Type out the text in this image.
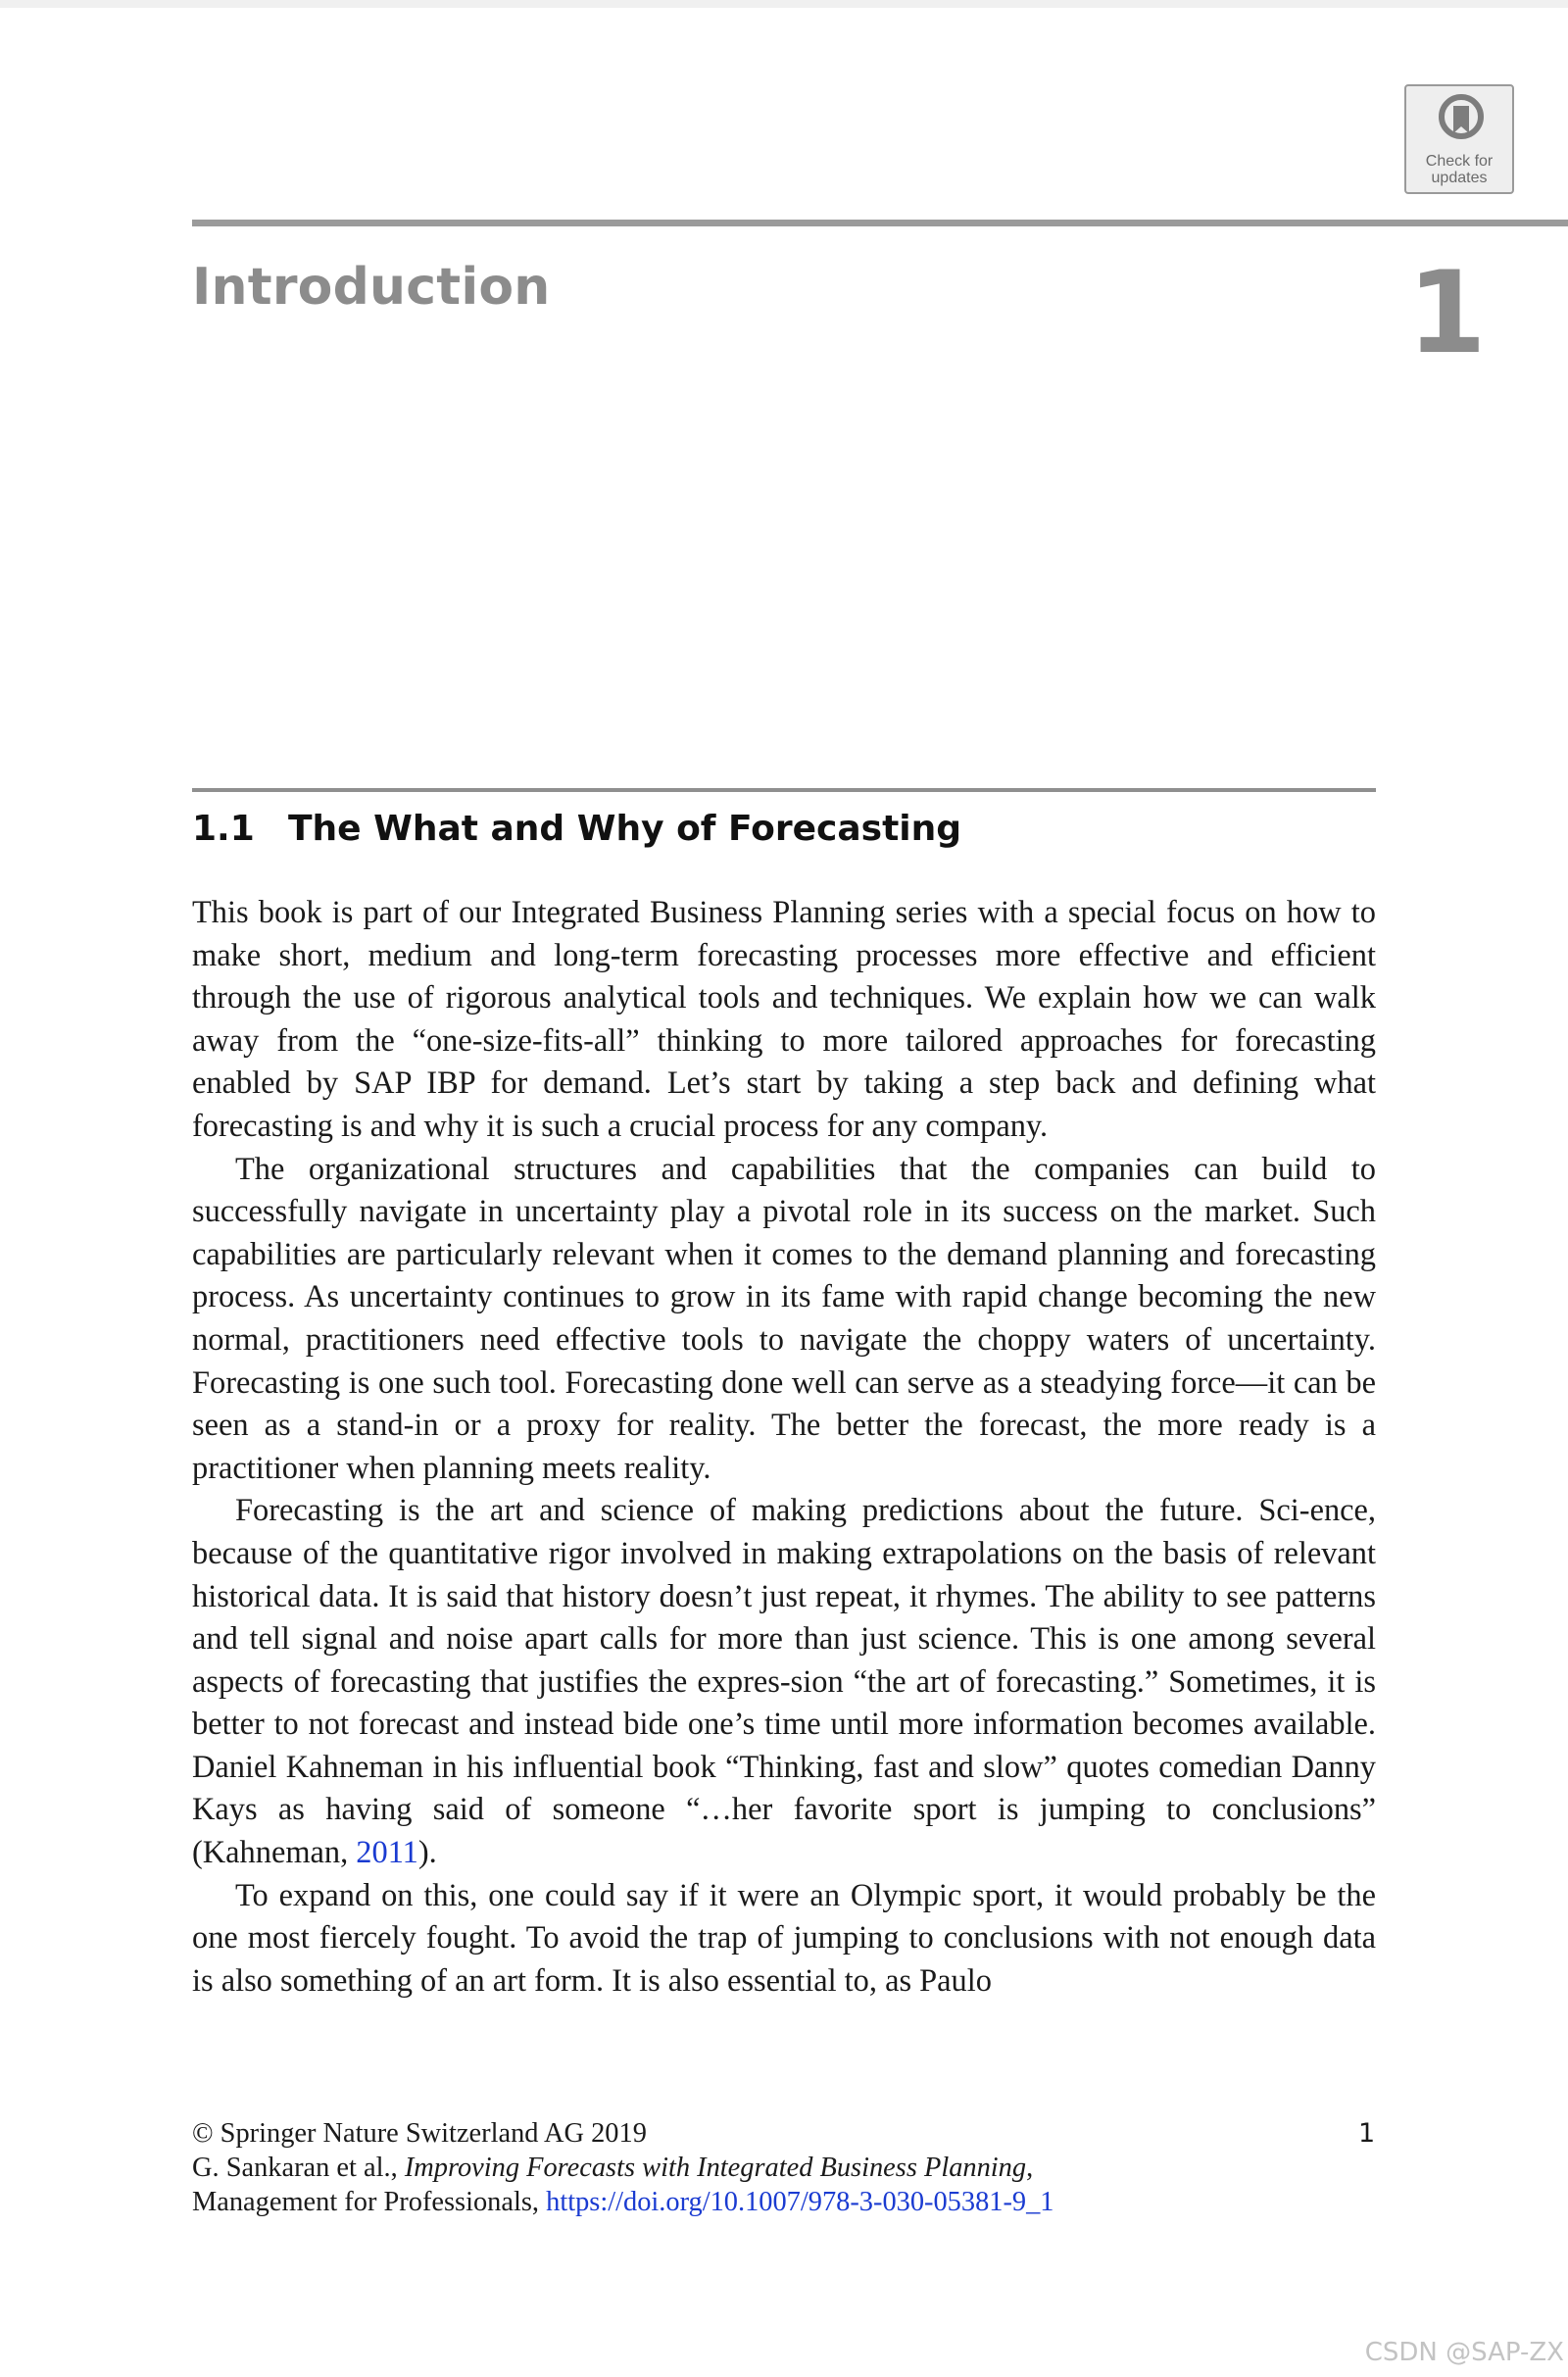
Check for
updates
Introduction	1
1.1 The What and Why of Forecasting

This book is part of our Integrated Business Planning series with a special focus on how to make short, medium and long-term forecasting processes more effective and efficient through the use of rigorous analytical tools and techniques. We explain how we can walk away from the “one-size-fits-all” thinking to more tailored approaches for forecasting enabled by SAP IBP for demand. Let’s start by taking a step back and defining what forecasting is and why it is such a crucial process for any company.

The organizational structures and capabilities that the companies can build to successfully navigate in uncertainty play a pivotal role in its success on the market. Such capabilities are particularly relevant when it comes to the demand planning and forecasting process. As uncertainty continues to grow in its fame with rapid change becoming the new normal, practitioners need effective tools to navigate the choppy waters of uncertainty. Forecasting is one such tool. Forecasting done well can serve as a steadying force—it can be seen as a stand-in or a proxy for reality. The better the forecast, the more ready is a practitioner when planning meets reality.

Forecasting is the art and science of making predictions about the future. Sci-ence, because of the quantitative rigor involved in making extrapolations on the basis of relevant historical data. It is said that history doesn’t just repeat, it rhymes. The ability to see patterns and tell signal and noise apart calls for more than just science. This is one among several aspects of forecasting that justifies the expres-sion “the art of forecasting.” Sometimes, it is better to not forecast and instead bide one’s time until more information becomes available. Daniel Kahneman in his influential book “Thinking, fast and slow” quotes comedian Danny Kays as having said of someone “…her favorite sport is jumping to conclusions” (Kahneman, 2011).

To expand on this, one could say if it were an Olympic sport, it would probably be the one most fiercely fought. To avoid the trap of jumping to conclusions with not enough data is also something of an art form. It is also essential to, as Paulo

© Springer Nature Switzerland AG 2019
G. Sankaran et al., Improving Forecasts with Integrated Business Planning,
Management for Professionals, https://doi.org/10.1007/978-3-030-05381-9_1
1
CSDN @SAP-ZX
